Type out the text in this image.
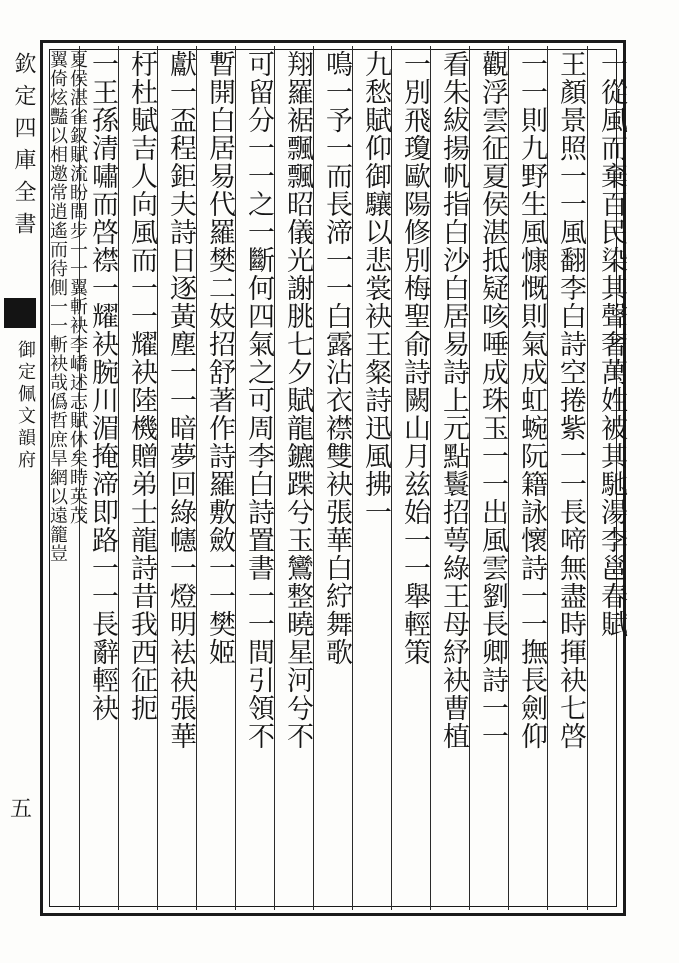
欽定四庫全書
御定佩文韻府
五
一從風而棄百民染其聲奢萬姓被其馳湯李邕春賦
王顏景照一一風翻李白詩空捲紫一一長啼無盡時揮袂七啓
一一則九野生風慷慨則氣成虹蜿阮籍詠懷詩一一撫長劍仰
觀浮雲征夏侯湛抵疑咳唾成珠玉一一出風雲劉長卿詩一一
看朱紱揚帆指白沙白居易詩上元點鬟招萼綠王母紓袂曹植
一別飛瓊歐陽修別梅聖俞詩闕山月兹始一一舉輕策
九愁賦仰御驤以悲裳袂王粲詩迅風拂一
鳴一予一而長渧一一白露沾衣襟雙袂張華白紵舞歌
翔羅裾飄飄昭儀光謝朓七夕賦龍鑣蹀兮玉鸞整曉星河兮不
可留分一一之一斷何四氣之可周李白詩置書一一間引領不
暫開白居易代羅樊二妓招舒著作詩羅敷斂一一樊姬
獻一盃程鉅夫詩日逐黃塵一一暗夢回綠幰一燈明袪袂張華
杅杜賦吉人向風而一一耀袂陸機贈弟士龍詩昔我西征扼
一王孫清嘯而啓襟一耀袂腕川湄掩渧即路一一長辭輕袂
夏侯湛雀釵賦流盼間步一一翼斬袂李嶠述志賦休矣時英茂
翼倚炫豔以相邀常逍遙而待側一一斬袂哉僞哲庶旱網以遠籠豈
